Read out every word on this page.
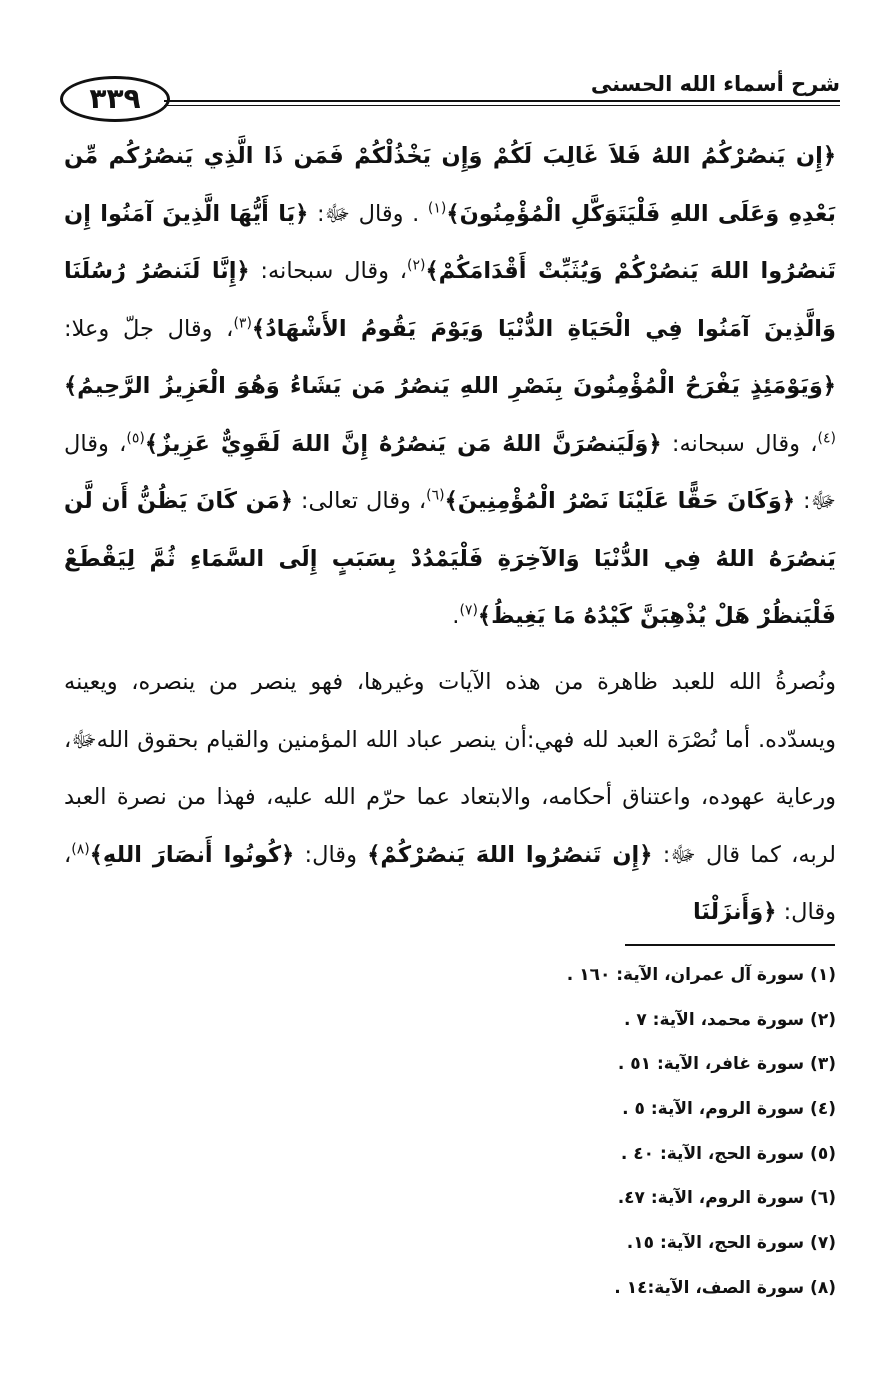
٣٣٩	شرح أسماء الله الحسنى

﴿إِن يَنصُرْكُمُ اللهُ فَلاَ غَالِبَ لَكُمْ وَإِن يَخْذُلْكُمْ فَمَن ذَا الَّذِي يَنصُرُكُم مِّن بَعْدِهِ وَعَلَى اللهِ فَلْيَتَوَكَّلِ الْمُؤْمِنُونَ﴾$^{(١)}$ . وقال ﷻ: ﴿يَا أَيُّهَا الَّذِينَ آمَنُوا إِن تَنصُرُوا اللهَ يَنصُرْكُمْ وَيُثَبِّتْ أَقْدَامَكُمْ﴾$^{(٢)}$، وقال سبحانه: ﴿إِنَّا لَنَنصُرُ رُسُلَنَا وَالَّذِينَ آمَنُوا فِي الْحَيَاةِ الدُّنْيَا وَيَوْمَ يَقُومُ الأَشْهَادُ﴾$^{(٣)}$، وقال جلّ وعلا: ﴿وَيَوْمَئِذٍ يَفْرَحُ الْمُؤْمِنُونَ بِنَصْرِ اللهِ يَنصُرُ مَن يَشَاءُ وَهُوَ الْعَزِيزُ الرَّحِيمُ﴾$^{(٤)}$، وقال سبحانه: ﴿وَلَيَنصُرَنَّ اللهُ مَن يَنصُرُهُ إِنَّ اللهَ لَقَوِيٌّ عَزِيزٌ﴾$^{(٥)}$، وقال ﷻ: ﴿وَكَانَ حَقًّا عَلَيْنَا نَصْرُ الْمُؤْمِنِينَ﴾$^{(٦)}$، وقال تعالى: ﴿مَن كَانَ يَظُنُّ أَن لَّن يَنصُرَهُ اللهُ فِي الدُّنْيَا وَالآخِرَةِ فَلْيَمْدُدْ بِسَبَبٍ إِلَى السَّمَاءِ ثُمَّ لِيَقْطَعْ فَلْيَنظُرْ هَلْ يُذْهِبَنَّ كَيْدُهُ مَا يَغِيظُ﴾$^{(٧)}$.

ونُصرةُ الله للعبد ظاهرة من هذه الآيات وغيرها، فهو ينصر من ينصره، ويعينه ويسدّده. أما نُصْرَة العبد لله فهي:أن ينصر عباد الله المؤمنين والقيام بحقوق اللهﷻ، ورعاية عهوده، واعتناق أحكامه، والابتعاد عما حرّم الله عليه، فهذا من نصرة العبد لربه، كما قال ﷻ: ﴿إِن تَنصُرُوا اللهَ يَنصُرْكُمْ﴾ وقال: ﴿كُونُوا أَنصَارَ اللهِ﴾$^{(٨)}$، وقال: ﴿وَأَنزَلْنَا

(١) سورة آل عمران، الآية: ١٦٠ .
(٢) سورة محمد، الآية: ٧ .
(٣) سورة غافر، الآية: ٥١ .
(٤) سورة الروم، الآية: ٥ .
(٥) سورة الحج، الآية: ٤٠ .
(٦) سورة الروم، الآية: ٤٧.
(٧) سورة الحج، الآية: ١٥.
(٨) سورة الصف، الآية:١٤ .
